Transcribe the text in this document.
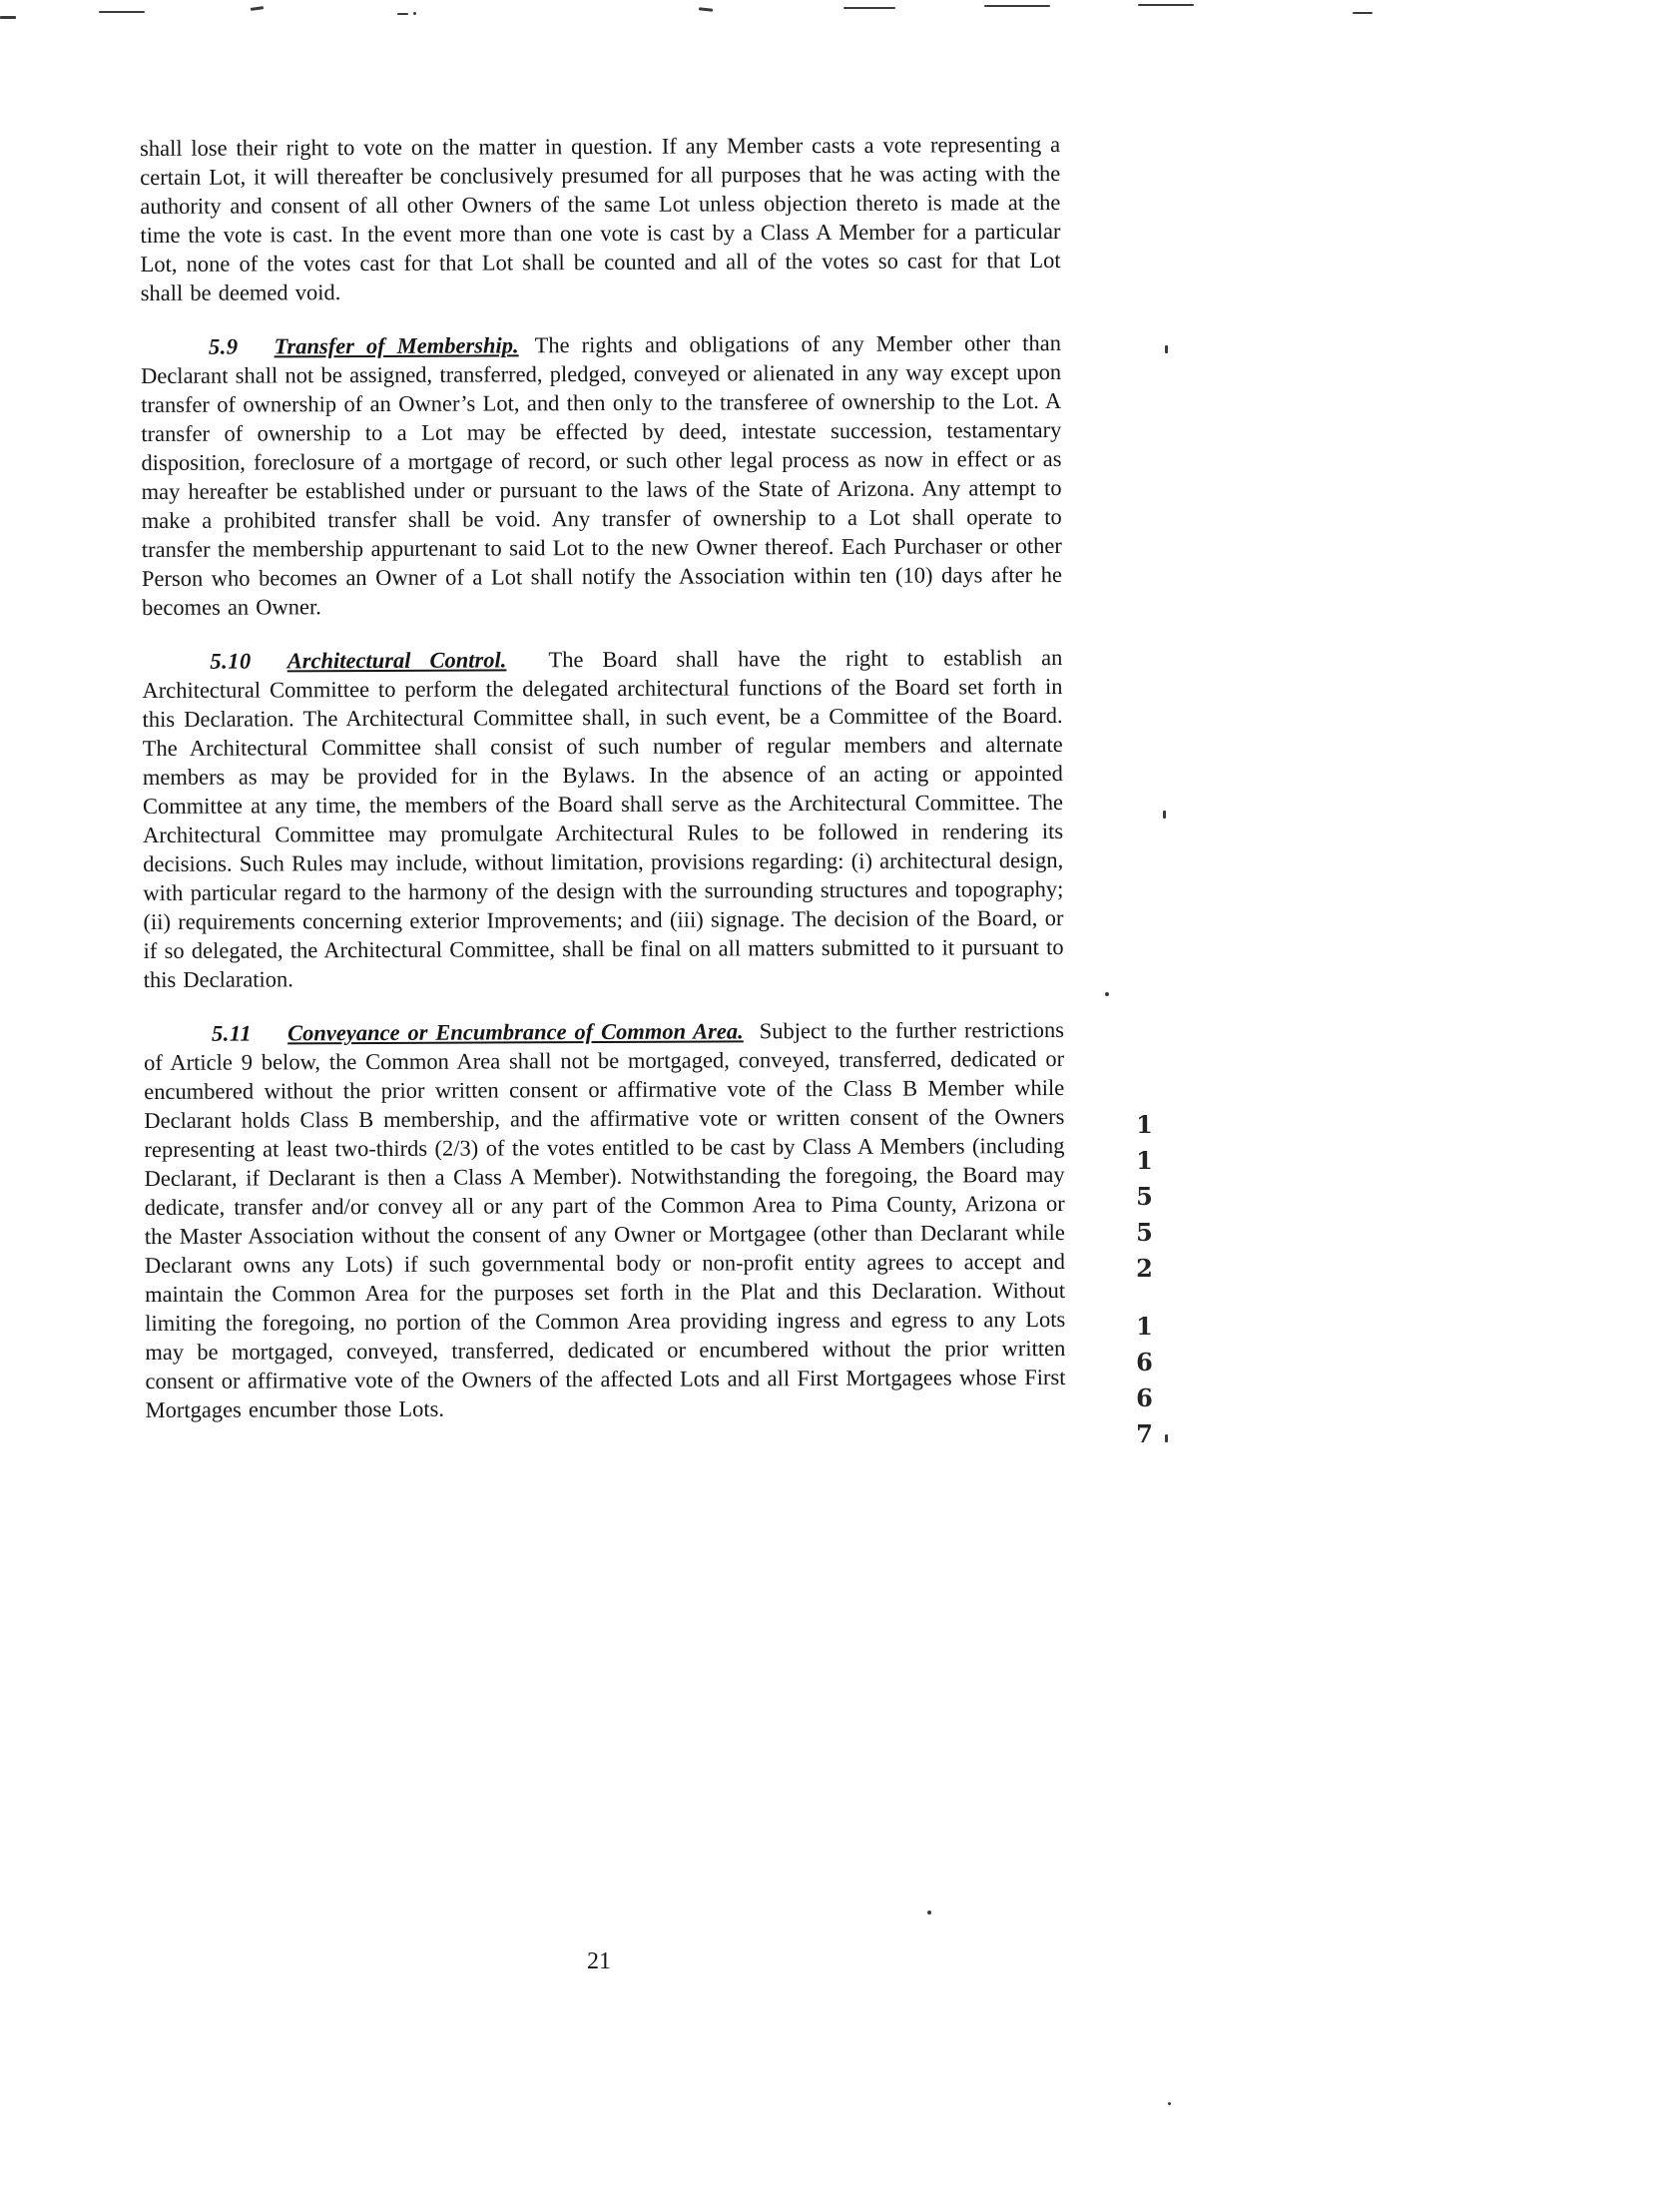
shall lose their right to vote on the matter in question. If any Member casts a vote representing a certain Lot, it will thereafter be conclusively presumed for all purposes that he was acting with the authority and consent of all other Owners of the same Lot unless objection thereto is made at the time the vote is cast. In the event more than one vote is cast by a Class A Member for a particular Lot, none of the votes cast for that Lot shall be counted and all of the votes so cast for that Lot shall be deemed void.

5.9 Transfer of Membership. The rights and obligations of any Member other than Declarant shall not be assigned, transferred, pledged, conveyed or alienated in any way except upon transfer of ownership of an Owner’s Lot, and then only to the transferee of ownership to the Lot. A transfer of ownership to a Lot may be effected by deed, intestate succession, testamentary disposition, foreclosure of a mortgage of record, or such other legal process as now in effect or as may hereafter be established under or pursuant to the laws of the State of Arizona. Any attempt to make a prohibited transfer shall be void. Any transfer of ownership to a Lot shall operate to transfer the membership appurtenant to said Lot to the new Owner thereof. Each Purchaser or other Person who becomes an Owner of a Lot shall notify the Association within ten (10) days after he becomes an Owner.

5.10 Architectural Control. The Board shall have the right to establish an Architectural Committee to perform the delegated architectural functions of the Board set forth in this Declaration. The Architectural Committee shall, in such event, be a Committee of the Board. The Architectural Committee shall consist of such number of regular members and alternate members as may be provided for in the Bylaws. In the absence of an acting or appointed Committee at any time, the members of the Board shall serve as the Architectural Committee. The Architectural Committee may promulgate Architectural Rules to be followed in rendering its decisions. Such Rules may include, without limitation, provisions regarding: (i) architectural design, with particular regard to the harmony of the design with the surrounding structures and topography; (ii) requirements concerning exterior Improvements; and (iii) signage. The decision of the Board, or if so delegated, the Architectural Committee, shall be final on all matters submitted to it pursuant to this Declaration.

5.11 Conveyance or Encumbrance of Common Area. Subject to the further restrictions of Article 9 below, the Common Area shall not be mortgaged, conveyed, transferred, dedicated or encumbered without the prior written consent or affirmative vote of the Class B Member while Declarant holds Class B membership, and the affirmative vote or written consent of the Owners representing at least two-thirds (2/3) of the votes entitled to be cast by Class A Members (including Declarant, if Declarant is then a Class A Member). Notwithstanding the foregoing, the Board may dedicate, transfer and/or convey all or any part of the Common Area to Pima County, Arizona or the Master Association without the consent of any Owner or Mortgagee (other than Declarant while Declarant owns any Lots) if such governmental body or non-profit entity agrees to accept and maintain the Common Area for the purposes set forth in the Plat and this Declaration. Without limiting the foregoing, no portion of the Common Area providing ingress and egress to any Lots may be mortgaged, conveyed, transferred, dedicated or encumbered without the prior written consent or affirmative vote of the Owners of the affected Lots and all First Mortgagees whose First Mortgages encumber those Lots.

11552
1667
21
